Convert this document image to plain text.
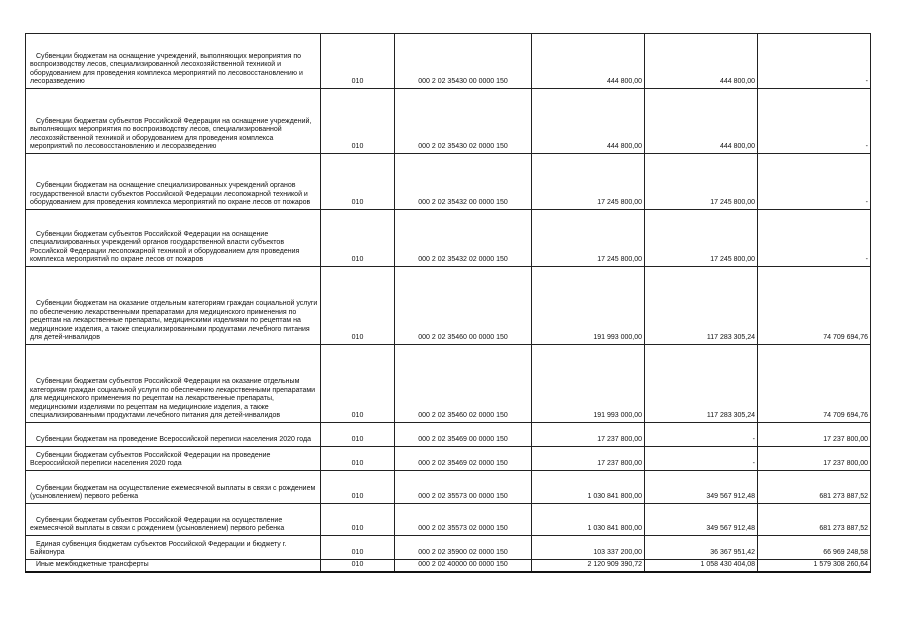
Субвенции бюджетам на оснащение учреждений, выполняющих мероприятия по воспроизводству лесов, специализированной лесохозяйственной техникой и оборудованием для проведения комплекса мероприятий по лесовосстановлению и лесоразведению	010	000 2 02 35430 00 0000 150	444 800,00	444 800,00	-
Субвенции бюджетам субъектов Российской Федерации на оснащение учреждений, выполняющих мероприятия по воспроизводству лесов, специализированной лесохозяйственной техникой и оборудованием для проведения комплекса мероприятий по лесовосстановлению и лесоразведению	010	000 2 02 35430 02 0000 150	444 800,00	444 800,00	-
Субвенции бюджетам на оснащение специализированных учреждений органов государственной власти субъектов Российской Федерации лесопожарной техникой и оборудованием для проведения комплекса мероприятий по охране лесов от пожаров	010	000 2 02 35432 00 0000 150	17 245 800,00	17 245 800,00	-
Субвенции бюджетам субъектов Российской Федерации на оснащение специализированных учреждений органов государственной власти субъектов Российской Федерации лесопожарной техникой и оборудованием для проведения комплекса мероприятий по охране лесов от пожаров	010	000 2 02 35432 02 0000 150	17 245 800,00	17 245 800,00	-
Субвенции бюджетам на оказание отдельным категориям граждан социальной услуги по обеспечению лекарственными препаратами для медицинского применения по рецептам на лекарственные препараты, медицинскими изделиями по рецептам на медицинские изделия, а также специализированными продуктами лечебного питания для детей-инвалидов	010	000 2 02 35460 00 0000 150	191 993 000,00	117 283 305,24	74 709 694,76
Субвенции бюджетам субъектов Российской Федерации на оказание отдельным категориям граждан социальной услуги по обеспечению лекарственными препаратами для медицинского применения по рецептам на лекарственные препараты, медицинскими изделиями по рецептам на медицинские изделия, а также специализированными продуктами лечебного питания для детей-инвалидов	010	000 2 02 35460 02 0000 150	191 993 000,00	117 283 305,24	74 709 694,76
Субвенции бюджетам на проведение Всероссийской переписи населения 2020 года	010	000 2 02 35469 00 0000 150	17 237 800,00	-	17 237 800,00
Субвенции бюджетам субъектов Российской Федерации на проведение Всероссийской переписи населения 2020 года	010	000 2 02 35469 02 0000 150	17 237 800,00	-	17 237 800,00
Субвенции бюджетам на осуществление ежемесячной выплаты в связи с рождением (усыновлением) первого ребенка	010	000 2 02 35573 00 0000 150	1 030 841 800,00	349 567 912,48	681 273 887,52
Субвенции бюджетам субъектов Российской Федерации на осуществление ежемесячной выплаты в связи с рождением (усыновлением) первого ребенка	010	000 2 02 35573 02 0000 150	1 030 841 800,00	349 567 912,48	681 273 887,52
Единая субвенция бюджетам субъектов Российской Федерации и бюджету г. Байконура	010	000 2 02 35900 02 0000 150	103 337 200,00	36 367 951,42	66 969 248,58
Иные межбюджетные трансферты	010	000 2 02 40000 00 0000 150	2 120 909 390,72	1 058 430 404,08	1 579 308 260,64
